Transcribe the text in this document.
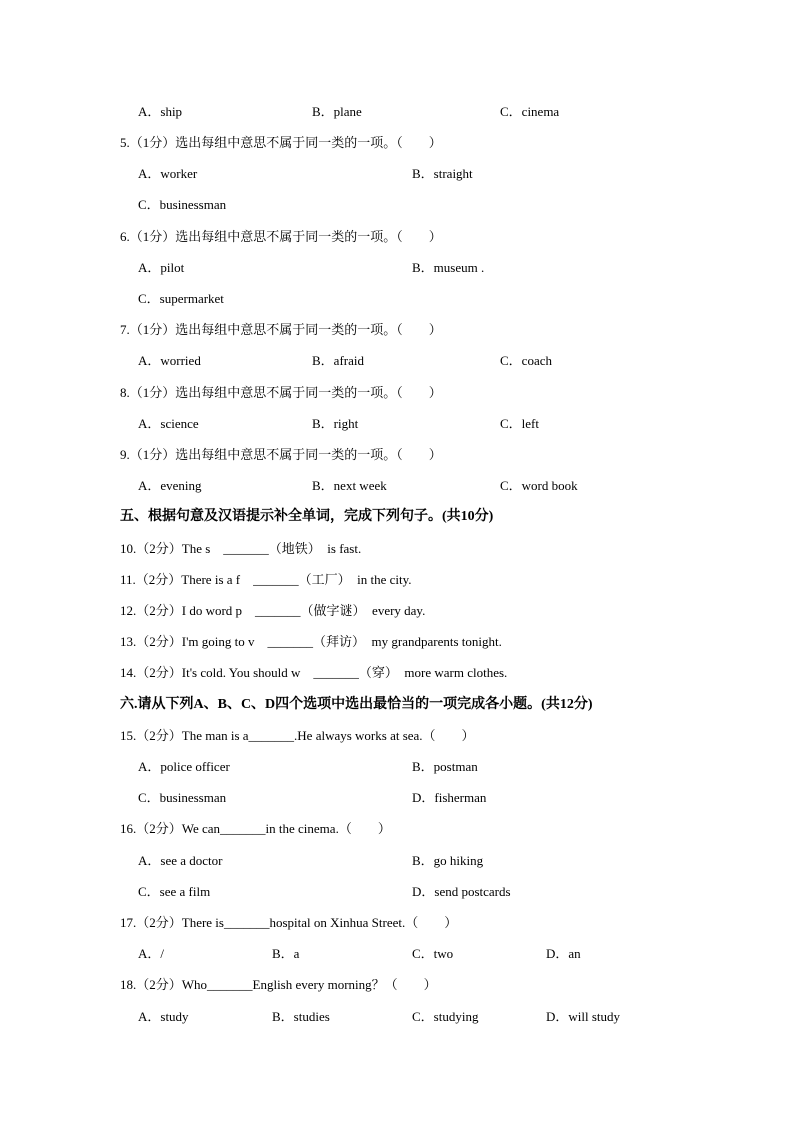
A．ship	B．plane	C．cinema
5.（1分）选出每组中意思不属于同一类的一项。（　　）
A．worker	B．straight
C．businessman
6.（1分）选出每组中意思不属于同一类的一项。（　　）
A．pilot	B．museum .
C．supermarket
7.（1分）选出每组中意思不属于同一类的一项。（　　）
A．worried	B．afraid	C．coach
8.（1分）选出每组中意思不属于同一类的一项。（　　）
A．science	B．right	C．left
9.（1分）选出每组中意思不属于同一类的一项。（　　）
A．evening	B．next week	C．word book
五、根据句意及汉语提示补全单词，完成下列句子。(共10分)
10.（2分）The s　_______（地铁）　is fast.
11.（2分）There is a f　_______（工厂）　in the city.
12.（2分）I do word p　_______（做字谜）　every day.
13.（2分）I'm going to v　_______（拜访）　my grandparents tonight.
14.（2分）It's cold. You should w　_______（穿）　more warm clothes.
六.请从下列A、B、C、D四个选项中选出最恰当的一项完成各小题。(共12分)
15.（2分）The man is a_______.He always works at sea.（　　）
A．police officer	B．postman
C．businessman	D．fisherman
16.（2分）We can_______in the cinema.（　　）
A．see a doctor	B．go hiking
C．see a film	D．send postcards
17.（2分）There is_______hospital on Xinhua Street.（　　）
A．/	B．a	C．two	D．an
18.（2分）Who_______English every morning？（　　）
A．study	B．studies	C．studying	D．will study
